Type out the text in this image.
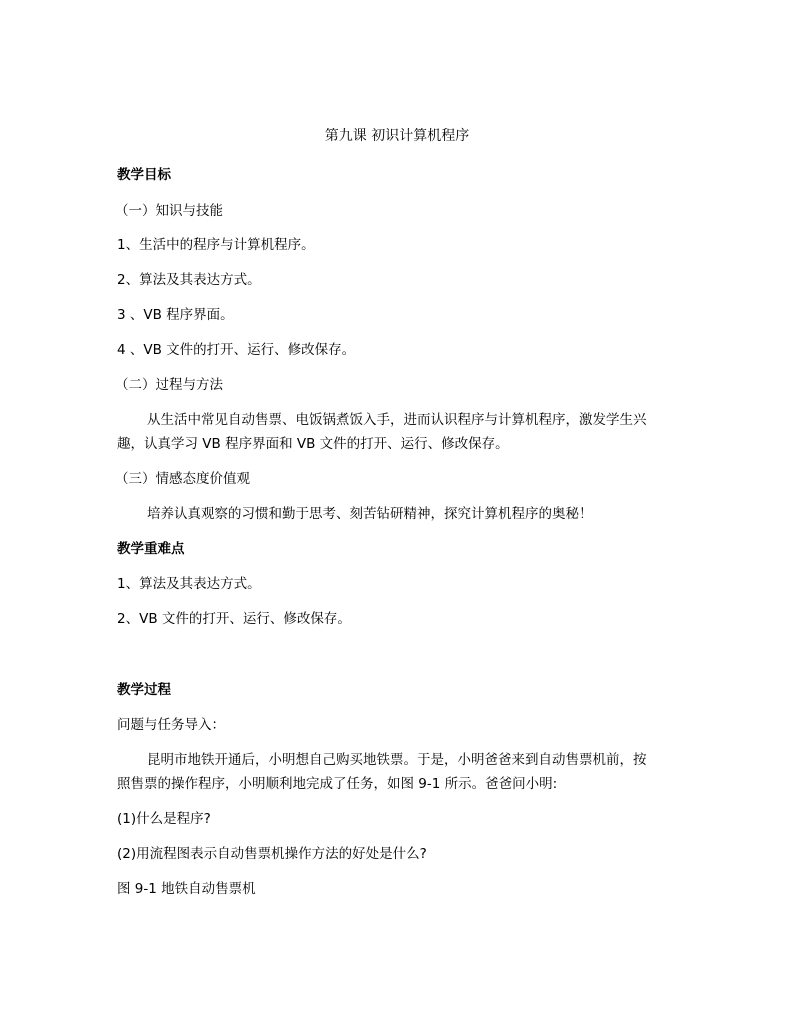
第九课 初识计算机程序
教学目标
（一）知识与技能
1、生活中的程序与计算机程序。
2、算法及其表达方式。
3 、VB 程序界面。
4 、VB 文件的打开、运行、修改保存。
（二）过程与方法
从生活中常见自动售票、电饭锅煮饭入手，进而认识程序与计算机程序，激发学生兴
趣，认真学习 VB 程序界面和 VB 文件的打开、运行、修改保存。
（三）情感态度价值观
培养认真观察的习惯和勤于思考、刻苦钻研精神，探究计算机程序的奥秘！
教学重难点
1、算法及其表达方式。
2、VB 文件的打开、运行、修改保存。
教学过程
问题与任务导入：
昆明市地铁开通后，小明想自己购买地铁票。于是，小明爸爸来到自动售票机前，按
照售票的操作程序，小明顺利地完成了任务，如图 9-1 所示。爸爸问小明:
(1)什么是程序?
(2)用流程图表示自动售票机操作方法的好处是什么?
图 9-1 地铁自动售票机
